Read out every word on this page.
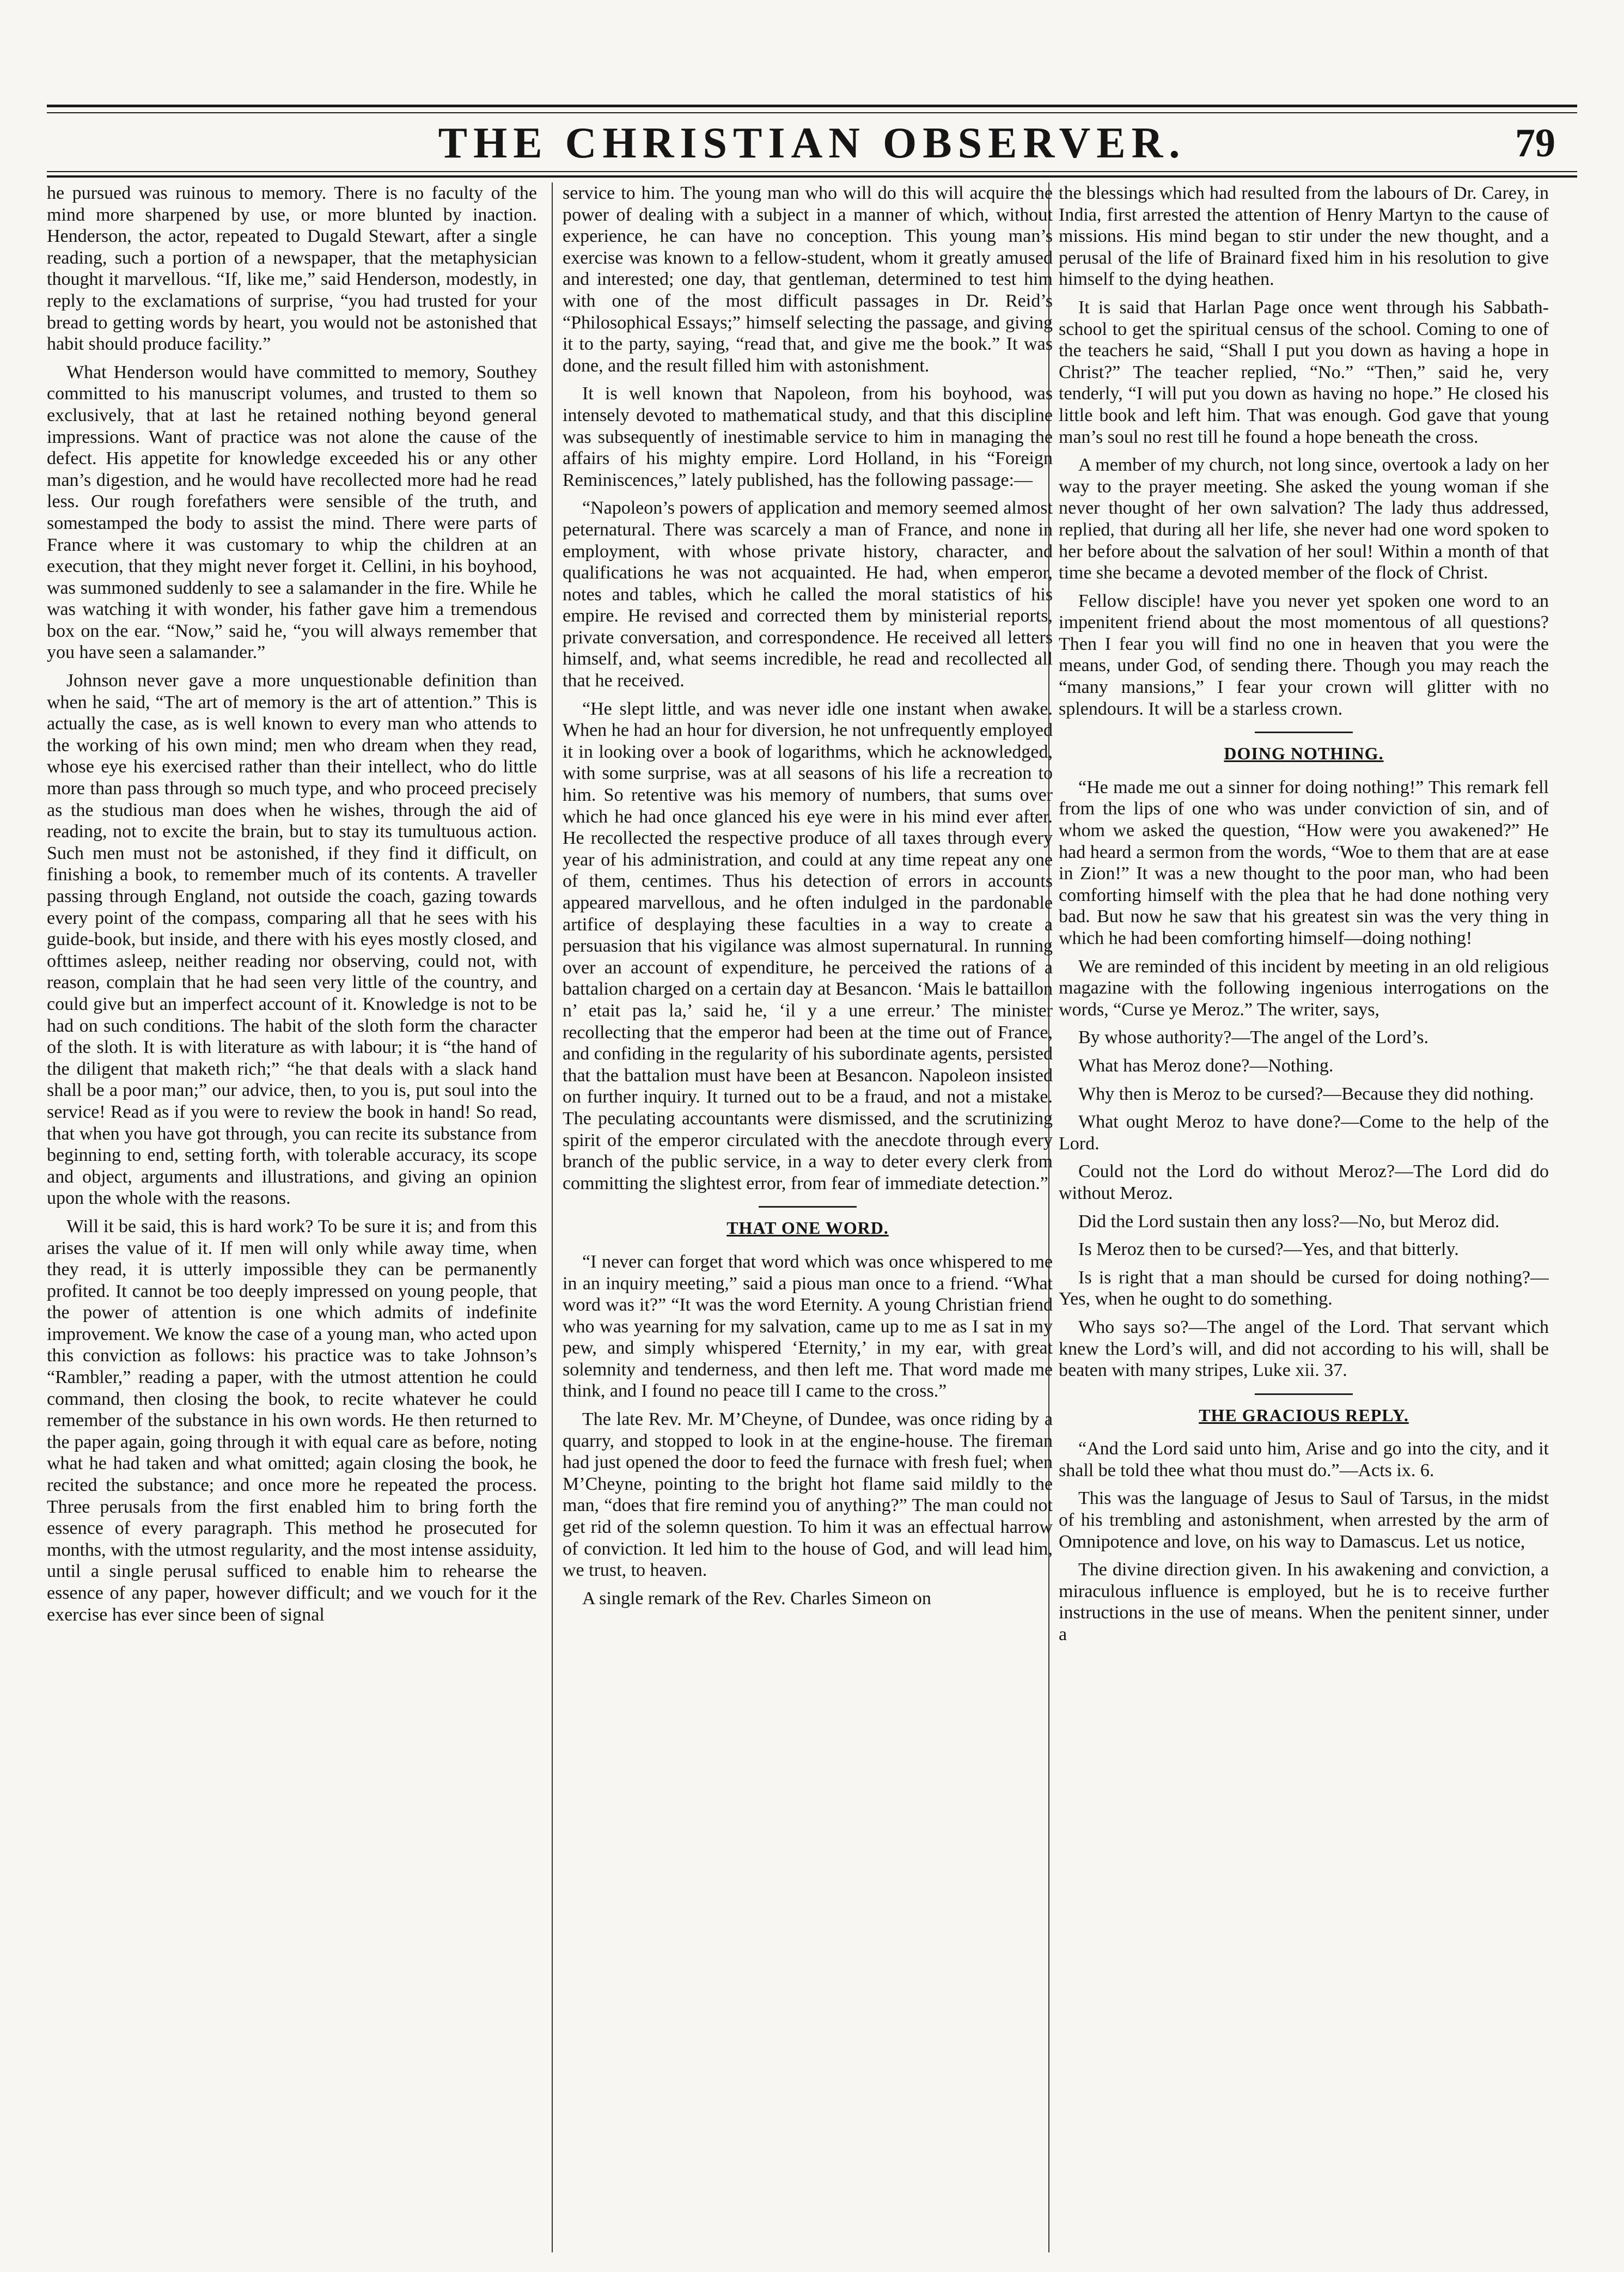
THE CHRISTIAN OBSERVER.	79

he pursued was ruinous to memory. There is no faculty of the mind more sharpened by use, or more blunted by inaction. Henderson, the actor, repeated to Dugald Stewart, after a single reading, such a portion of a newspaper, that the metaphysician thought it marvellous. “If, like me,” said Henderson, modestly, in reply to the exclamations of surprise, “you had trusted for your bread to getting words by heart, you would not be astonished that habit should produce facility.”

What Henderson would have committed to memory, Southey committed to his manuscript volumes, and trusted to them so exclusively, that at last he retained nothing beyond general impressions. Want of practice was not alone the cause of the defect. His appetite for knowledge exceeded his or any other man’s digestion, and he would have recollected more had he read less. Our rough forefathers were sensible of the truth, and somestamped the body to assist the mind. There were parts of France where it was customary to whip the children at an execution, that they might never forget it. Cellini, in his boyhood, was summoned suddenly to see a salamander in the fire. While he was watching it with wonder, his father gave him a tremendous box on the ear. “Now,” said he, “you will always remember that you have seen a salamander.”

Johnson never gave a more unquestionable definition than when he said, “The art of memory is the art of attention.” This is actually the case, as is well known to every man who attends to the working of his own mind; men who dream when they read, whose eye his exercised rather than their intellect, who do little more than pass through so much type, and who proceed precisely as the studious man does when he wishes, through the aid of reading, not to excite the brain, but to stay its tumultuous action. Such men must not be astonished, if they find it difficult, on finishing a book, to remember much of its contents. A traveller passing through England, not outside the coach, gazing towards every point of the compass, comparing all that he sees with his guide-book, but inside, and there with his eyes mostly closed, and ofttimes asleep, neither reading nor observing, could not, with reason, complain that he had seen very little of the country, and could give but an imperfect account of it. Knowledge is not to be had on such conditions. The habit of the sloth form the character of the sloth. It is with literature as with labour; it is “the hand of the diligent that maketh rich;” “he that deals with a slack hand shall be a poor man;” our advice, then, to you is, put soul into the service! Read as if you were to review the book in hand! So read, that when you have got through, you can recite its substance from beginning to end, setting forth, with tolerable accuracy, its scope and object, arguments and illustrations, and giving an opinion upon the whole with the reasons.

Will it be said, this is hard work? To be sure it is; and from this arises the value of it. If men will only while away time, when they read, it is utterly impossible they can be permanently profited. It cannot be too deeply impressed on young people, that the power of attention is one which admits of indefinite improvement. We know the case of a young man, who acted upon this conviction as follows: his practice was to take Johnson’s “Rambler,” reading a paper, with the utmost attention he could command, then closing the book, to recite whatever he could remember of the substance in his own words. He then returned to the paper again, going through it with equal care as before, noting what he had taken and what omitted; again closing the book, he recited the substance; and once more he repeated the process. Three perusals from the first enabled him to bring forth the essence of every paragraph. This method he prosecuted for months, with the utmost regularity, and the most intense assiduity, until a single perusal sufficed to enable him to rehearse the essence of any paper, however difficult; and we vouch for it the exercise has ever since been of signal

service to him. The young man who will do this will acquire the power of dealing with a subject in a manner of which, without experience, he can have no conception. This young man’s exercise was known to a fellow-student, whom it greatly amused and interested; one day, that gentleman, determined to test him with one of the most difficult passages in Dr. Reid’s “Philosophical Essays;” himself selecting the passage, and giving it to the party, saying, “read that, and give me the book.” It was done, and the result filled him with astonishment.

It is well known that Napoleon, from his boyhood, was intensely devoted to mathematical study, and that this discipline was subsequently of inestimable service to him in managing the affairs of his mighty empire. Lord Holland, in his “Foreign Reminiscences,” lately published, has the following passage:—

“Napoleon’s powers of application and memory seemed almost peternatural. There was scarcely a man of France, and none in employment, with whose private history, character, and qualifications he was not acquainted. He had, when emperor, notes and tables, which he called the moral statistics of his empire. He revised and corrected them by ministerial reports, private conversation, and correspondence. He received all letters himself, and, what seems incredible, he read and recollected all that he received.

“He slept little, and was never idle one instant when awake. When he had an hour for diversion, he not unfrequently employed it in looking over a book of logarithms, which he acknowledged, with some surprise, was at all seasons of his life a recreation to him. So retentive was his memory of numbers, that sums over which he had once glanced his eye were in his mind ever after. He recollected the respective produce of all taxes through every year of his administration, and could at any time repeat any one of them, centimes. Thus his detection of errors in accounts appeared marvellous, and he often indulged in the pardonable artifice of desplaying these faculties in a way to create a persuasion that his vigilance was almost supernatural. In running over an account of expenditure, he perceived the rations of a battalion charged on a certain day at Besancon. ‘Mais le battaillon n’ etait pas la,’ said he, ‘il y a une erreur.’ The minister recollecting that the emperor had been at the time out of France, and confiding in the regularity of his subordinate agents, persisted that the battalion must have been at Besancon. Napoleon insisted on further inquiry. It turned out to be a fraud, and not a mistake. The peculating accountants were dismissed, and the scrutinizing spirit of the emperor circulated with the anecdote through every branch of the public service, in a way to deter every clerk from committing the slightest error, from fear of immediate detection.”

THAT ONE WORD.

“I never can forget that word which was once whispered to me in an inquiry meeting,” said a pious man once to a friend. “What word was it?” “It was the word Eternity. A young Christian friend who was yearning for my salvation, came up to me as I sat in my pew, and simply whispered ‘Eternity,’ in my ear, with great solemnity and tenderness, and then left me. That word made me think, and I found no peace till I came to the cross.”

The late Rev. Mr. M’Cheyne, of Dundee, was once riding by a quarry, and stopped to look in at the engine-house. The fireman had just opened the door to feed the furnace with fresh fuel; when M’Cheyne, pointing to the bright hot flame said mildly to the man, “does that fire remind you of anything?” The man could not get rid of the solemn question. To him it was an effectual harrow of conviction. It led him to the house of God, and will lead him, we trust, to heaven.

A single remark of the Rev. Charles Simeon on

the blessings which had resulted from the labours of Dr. Carey, in India, first arrested the attention of Henry Martyn to the cause of missions. His mind began to stir under the new thought, and a perusal of the life of Brainard fixed him in his resolution to give himself to the dying heathen.

It is said that Harlan Page once went through his Sabbath-school to get the spiritual census of the school. Coming to one of the teachers he said, “Shall I put you down as having a hope in Christ?” The teacher replied, “No.” “Then,” said he, very tenderly, “I will put you down as having no hope.” He closed his little book and left him. That was enough. God gave that young man’s soul no rest till he found a hope beneath the cross.

A member of my church, not long since, overtook a lady on her way to the prayer meeting. She asked the young woman if she never thought of her own salvation? The lady thus addressed, replied, that during all her life, she never had one word spoken to her before about the salvation of her soul! Within a month of that time she became a devoted member of the flock of Christ.

Fellow disciple! have you never yet spoken one word to an impenitent friend about the most momentous of all questions? Then I fear you will find no one in heaven that you were the means, under God, of sending there. Though you may reach the “many mansions,” I fear your crown will glitter with no splendours. It will be a starless crown.

DOING NOTHING.

“He made me out a sinner for doing nothing!” This remark fell from the lips of one who was under conviction of sin, and of whom we asked the question, “How were you awakened?” He had heard a sermon from the words, “Woe to them that are at ease in Zion!” It was a new thought to the poor man, who had been comforting himself with the plea that he had done nothing very bad. But now he saw that his greatest sin was the very thing in which he had been comforting himself—doing nothing!

We are reminded of this incident by meeting in an old religious magazine with the following ingenious interrogations on the words, “Curse ye Meroz.” The writer, says,

By whose authority?—The angel of the Lord’s.

What has Meroz done?—Nothing.

Why then is Meroz to be cursed?—Because they did nothing.

What ought Meroz to have done?—Come to the help of the Lord.

Could not the Lord do without Meroz?—The Lord did do without Meroz.

Did the Lord sustain then any loss?—No, but Meroz did.

Is Meroz then to be cursed?—Yes, and that bitterly.

Is is right that a man should be cursed for doing nothing?—Yes, when he ought to do something.

Who says so?—The angel of the Lord. That servant which knew the Lord’s will, and did not according to his will, shall be beaten with many stripes, Luke xii. 37.

THE GRACIOUS REPLY.

“And the Lord said unto him, Arise and go into the city, and it shall be told thee what thou must do.”—Acts ix. 6.

This was the language of Jesus to Saul of Tarsus, in the midst of his trembling and astonishment, when arrested by the arm of Omnipotence and love, on his way to Damascus. Let us notice,

The divine direction given. In his awakening and conviction, a miraculous influence is employed, but he is to receive further instructions in the use of means. When the penitent sinner, under a
